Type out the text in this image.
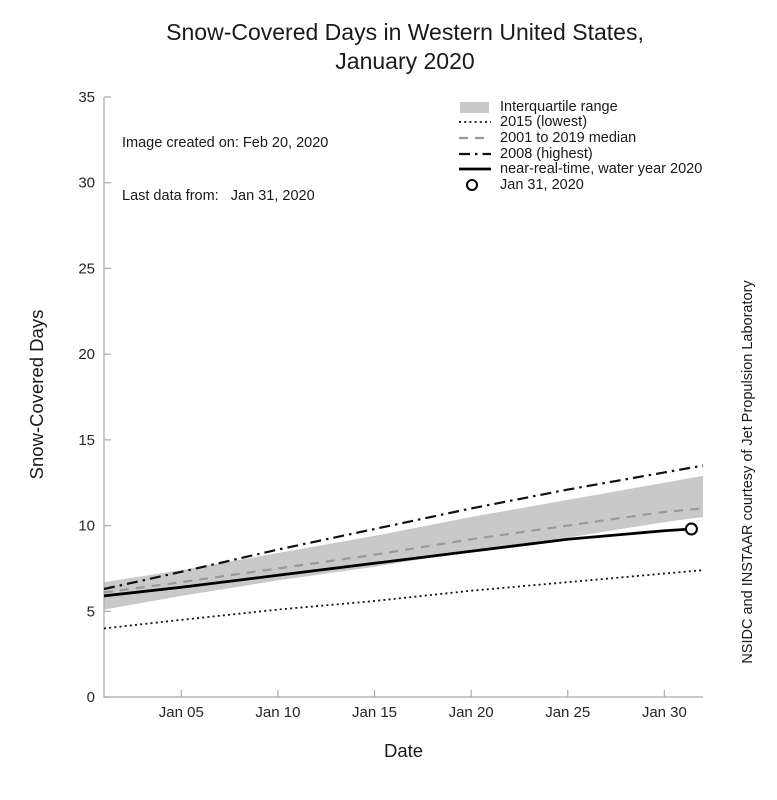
Snow-Covered Days in Western United States,
January 2020
Jan 05	Jan 10	Jan 15	Jan 20	Jan 25	Jan 30
0
5
10
15
20
25
30
35

Image created on: Feb 20, 2020

Last data from:   Jan 31, 2020

Interquartile range
2015 (lowest)
2001 to 2019 median
2008 (highest)
near-real-time, water year 2020
Jan 31, 2020
Snow-Covered Days
Date
NSIDC and INSTAAR courtesy of Jet Propulsion Laboratory
